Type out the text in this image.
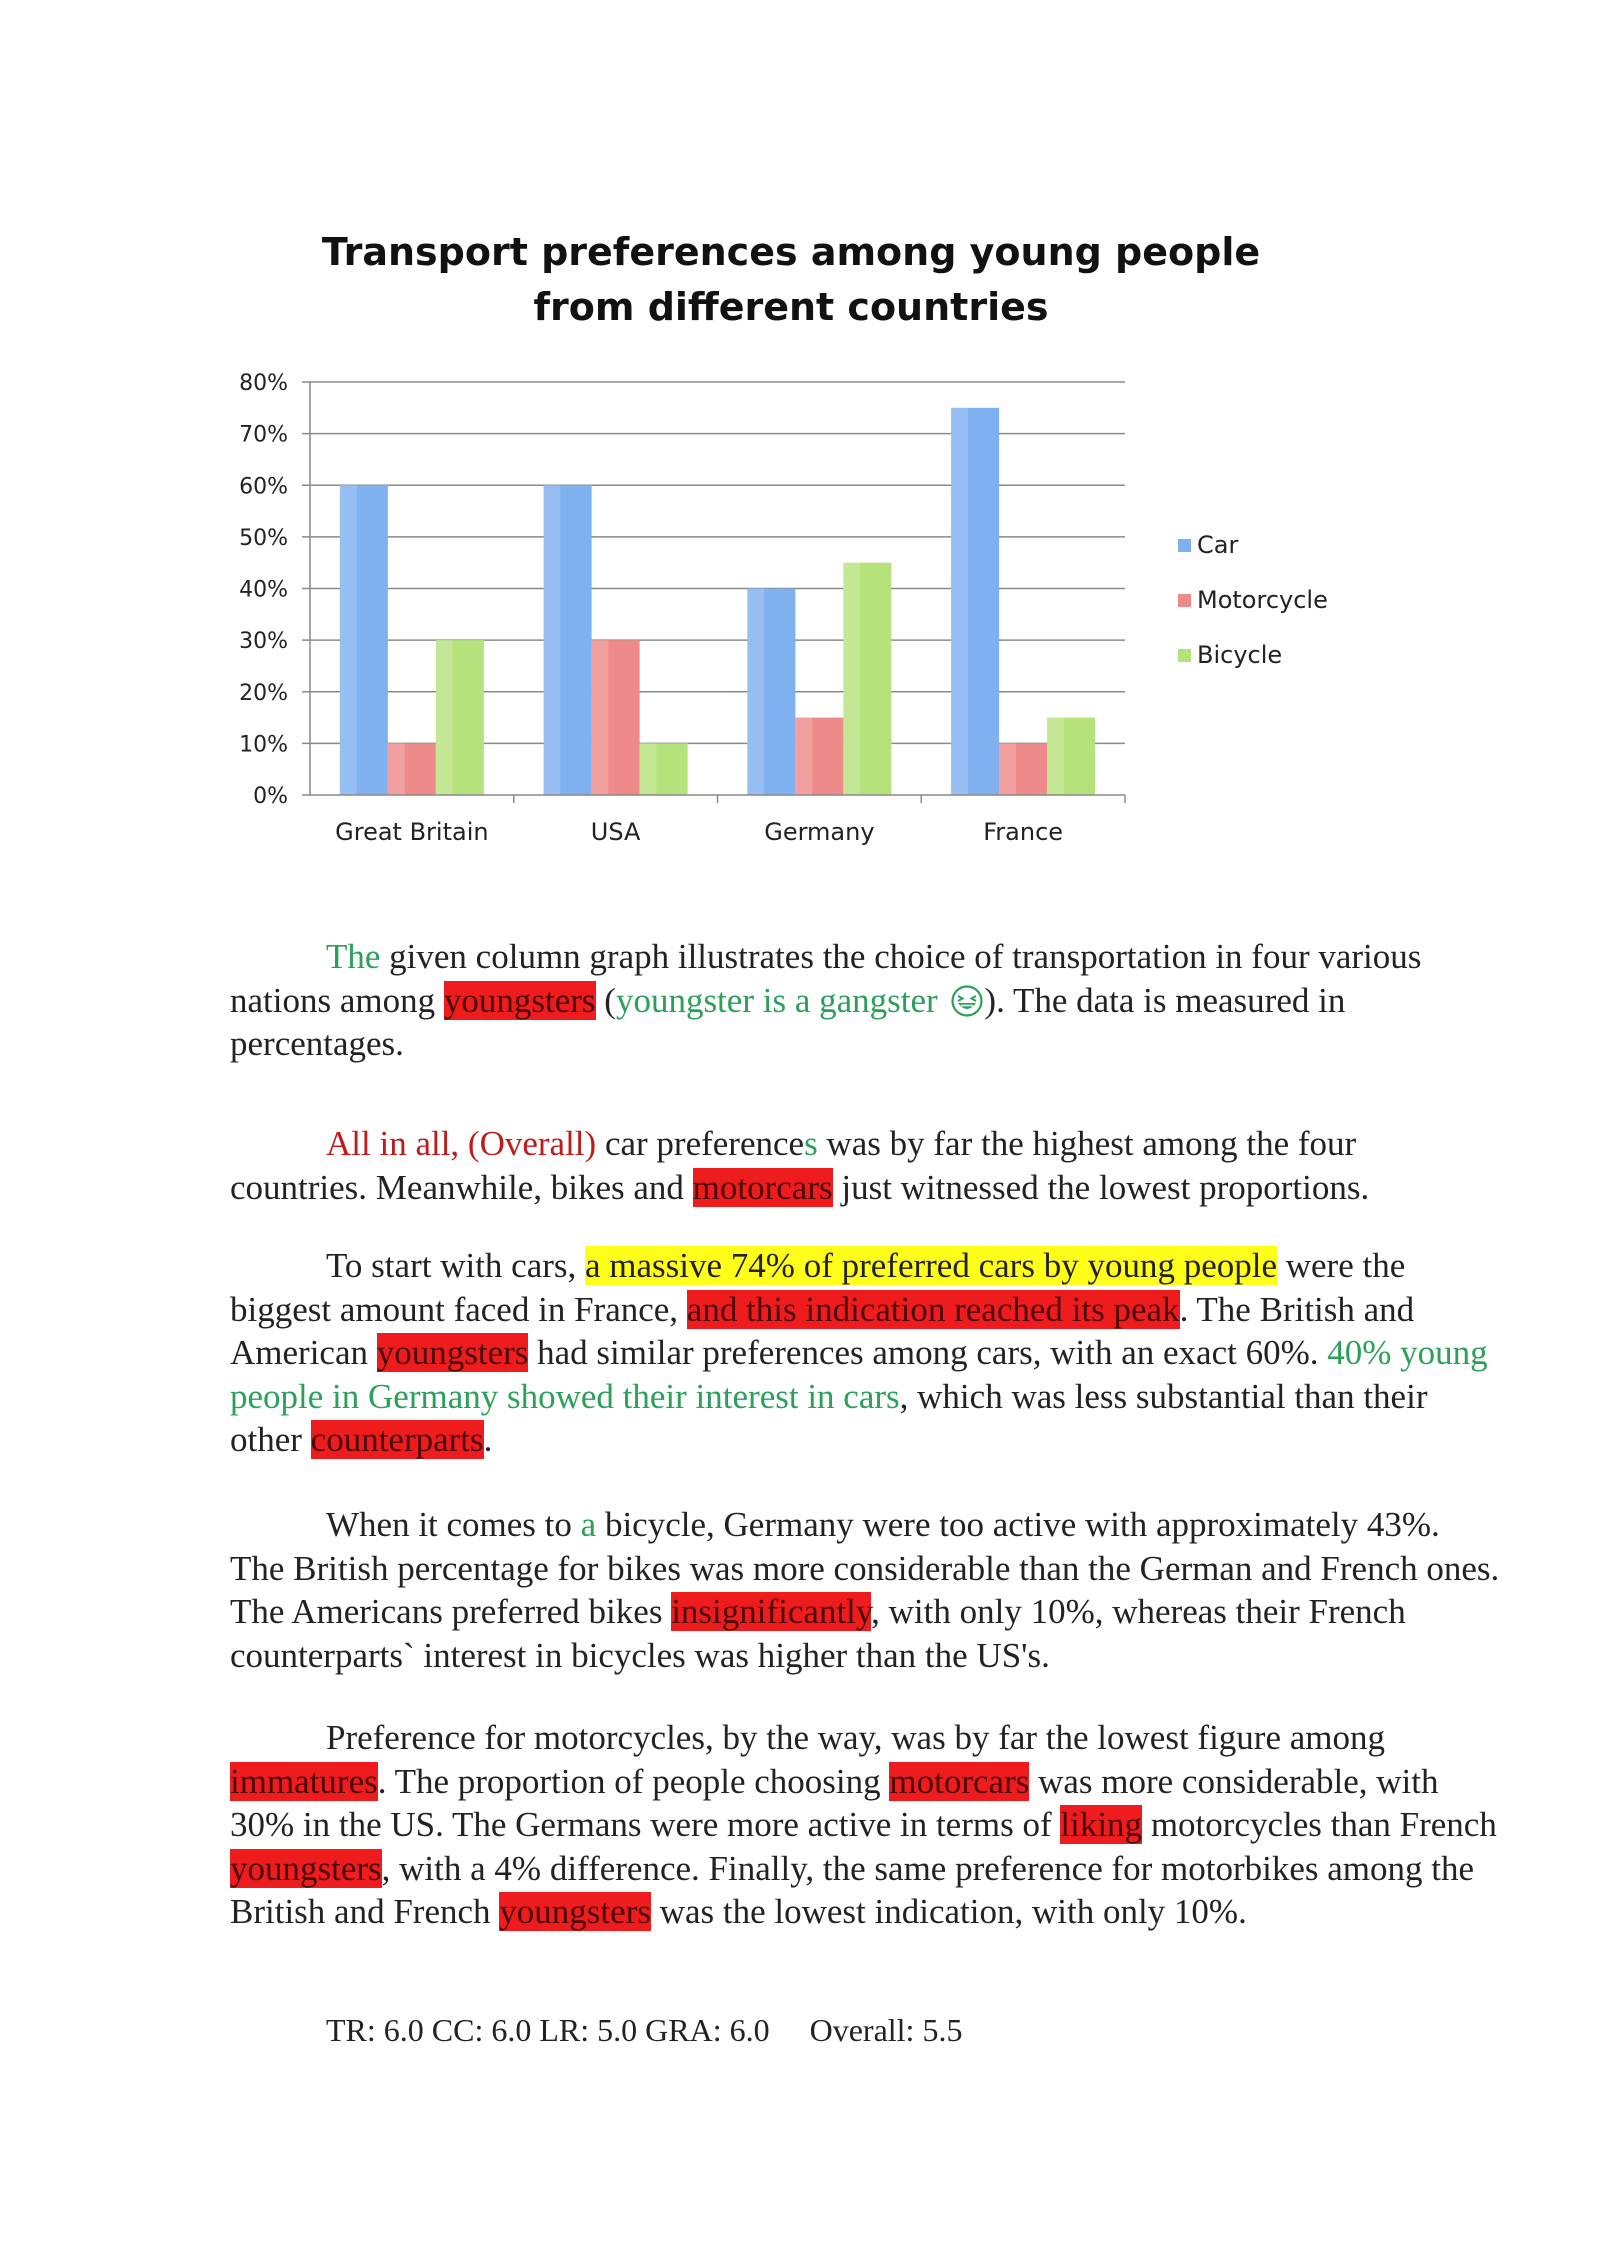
Transport preferences among young people
from different countries
0%
10%
20%
30%
40%
50%
60%
70%
80%
Great Britain	USA	Germany	France
Car
Motorcycle
Bicycle

The given column graph illustrates the choice of transportation in four various nations among youngsters (youngster is a gangster ). The data is measured in percentages.

All in all, (Overall) car preferences was by far the highest among the four countries. Meanwhile, bikes and motorcars just witnessed the lowest proportions.

To start with cars, a massive 74% of preferred cars by young people were the biggest amount faced in France, and this indication reached its peak. The British and American youngsters had similar preferences among cars, with an exact 60%. 40% young people in Germany showed their interest in cars, which was less substantial than their other counterparts.

When it comes to a bicycle, Germany were too active with approximately 43%. The British percentage for bikes was more considerable than the German and French ones. The Americans preferred bikes insignificantly, with only 10%, whereas their French counterparts` interest in bicycles was higher than the US's.

Preference for motorcycles, by the way, was by far the lowest figure among immatures. The proportion of people choosing motorcars was more considerable, with 30% in the US. The Germans were more active in terms of liking motorcycles than French youngsters, with a 4% difference. Finally, the same preference for motorbikes among the British and French youngsters was the lowest indication, with only 10%.

TR: 6.0 CC: 6.0 LR: 5.0 GRA: 6.0     Overall: 5.5
